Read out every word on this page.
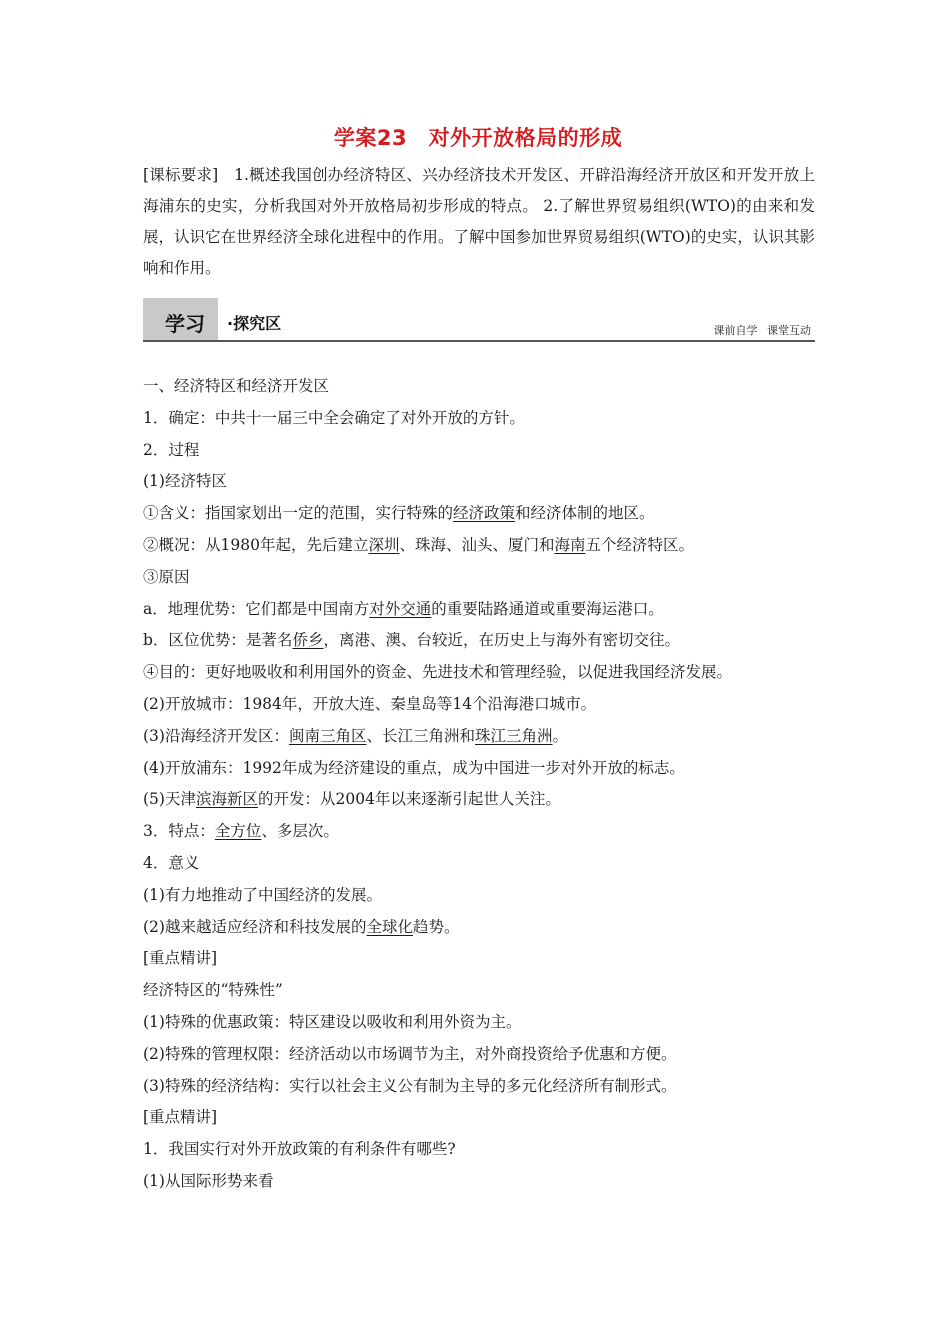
学案23　对外开放格局的形成
[课标要求]　1.概述我国创办经济特区、兴办经济技术开发区、开辟沿海经济开放区和开发开放上海浦东的史实，分析我国对外开放格局初步形成的特点。 2.了解世界贸易组织(WTO)的由来和发展，认识它在世界经济全球化进程中的作用。了解中国参加世界贸易组织(WTO)的史实，认识其影响和作用。
学习 ·探究区	课前自学 课堂互动
一、经济特区和经济开发区
1．确定：中共十一届三中全会确定了对外开放的方针。
2．过程
(1)经济特区
①含义：指国家划出一定的范围，实行特殊的经济政策和经济体制的地区。
②概况：从1980年起，先后建立深圳、珠海、汕头、厦门和海南五个经济特区。
③原因
a．地理优势：它们都是中国南方对外交通的重要陆路通道或重要海运港口。
b．区位优势：是著名侨乡，离港、澳、台较近，在历史上与海外有密切交往。
④目的：更好地吸收和利用国外的资金、先进技术和管理经验，以促进我国经济发展。
(2)开放城市：1984年，开放大连、秦皇岛等14个沿海港口城市。
(3)沿海经济开发区：闽南三角区、长江三角洲和珠江三角洲。
(4)开放浦东：1992年成为经济建设的重点，成为中国进一步对外开放的标志。
(5)天津滨海新区的开发：从2004年以来逐渐引起世人关注。
3．特点：全方位、多层次。
4．意义
(1)有力地推动了中国经济的发展。
(2)越来越适应经济和科技发展的全球化趋势。
[重点精讲]
经济特区的“特殊性”
(1)特殊的优惠政策：特区建设以吸收和利用外资为主。
(2)特殊的管理权限：经济活动以市场调节为主，对外商投资给予优惠和方便。
(3)特殊的经济结构：实行以社会主义公有制为主导的多元化经济所有制形式。
[重点精讲]
1．我国实行对外开放政策的有利条件有哪些?
(1)从国际形势来看
